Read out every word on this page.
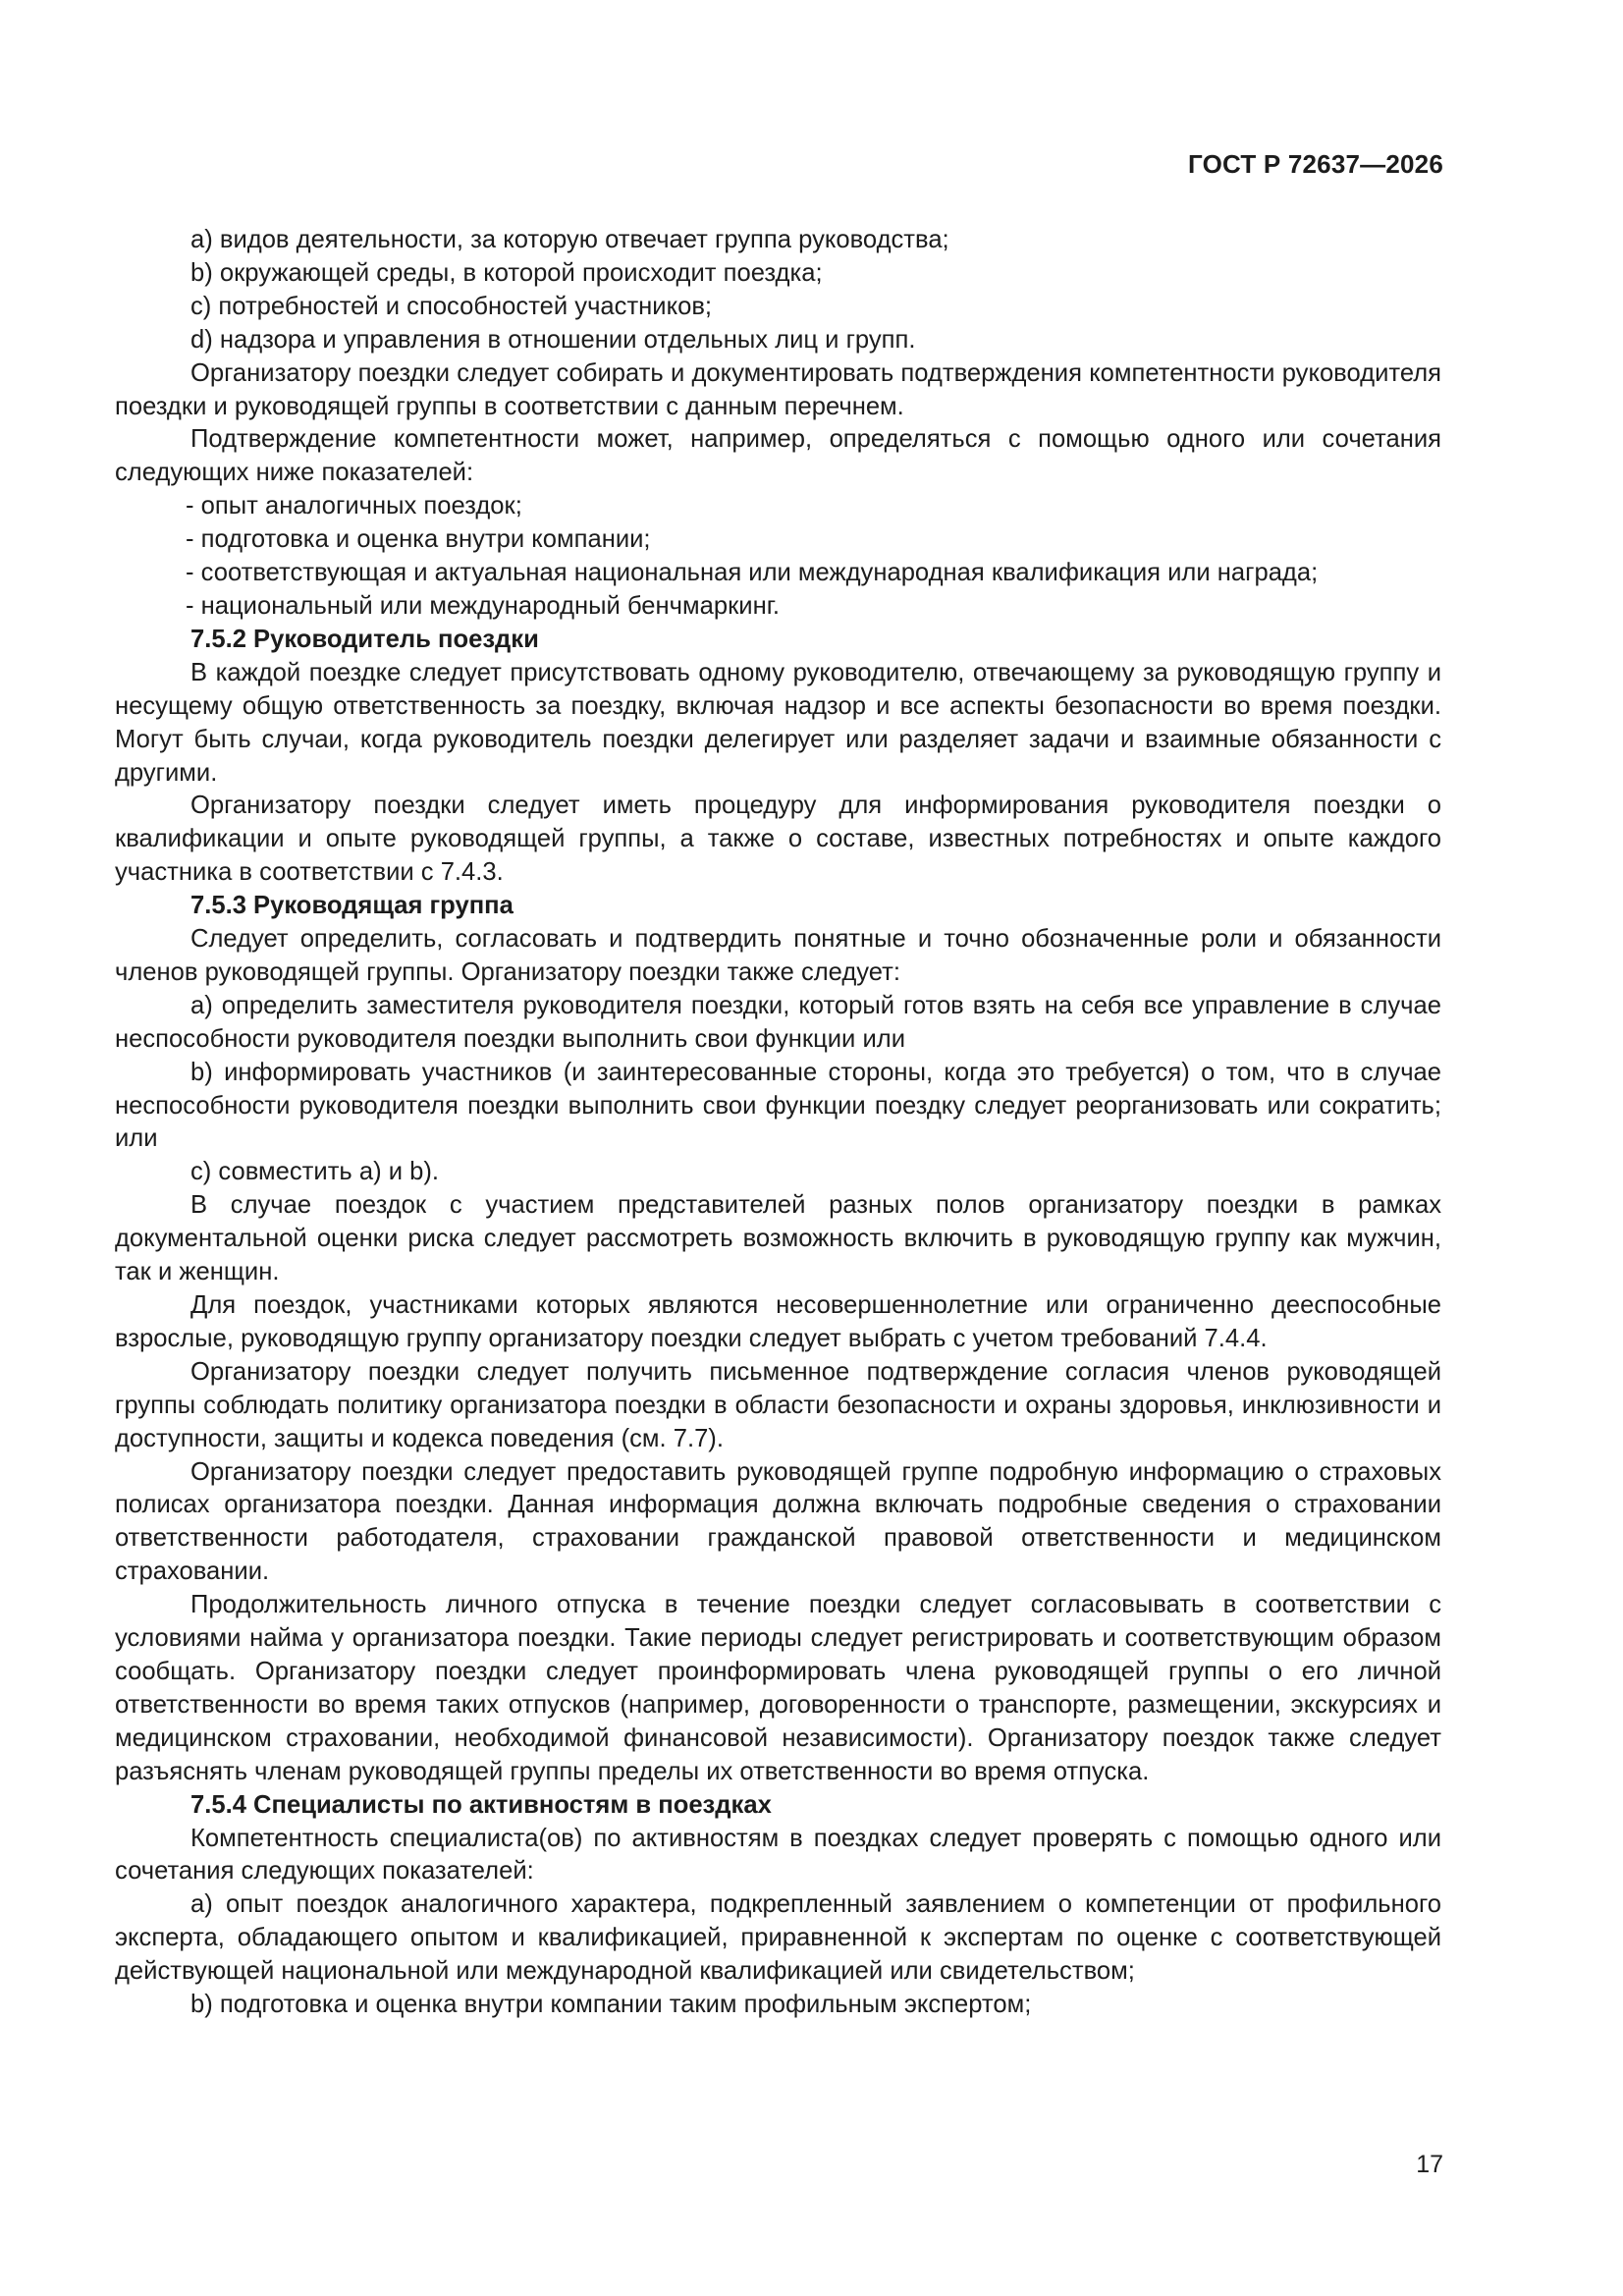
ГОСТ Р 72637—2026

a) видов деятельности, за которую отвечает группа руководства;

b) окружающей среды, в которой происходит поездка;

c) потребностей и способностей участников;

d) надзора и управления в отношении отдельных лиц и групп.

Организатору поездки следует собирать и документировать подтверждения компетентности руководителя поездки и руководящей группы в соответствии с данным перечнем.

Подтверждение компетентности может, например, определяться с помощью одного или сочетания следующих ниже показателей:

- опыт аналогичных поездок;

- подготовка и оценка внутри компании;

- соответствующая и актуальная национальная или международная квалификация или награда;

- национальный или международный бенчмаркинг.

7.5.2 Руководитель поездки

В каждой поездке следует присутствовать одному руководителю, отвечающему за руководящую группу и несущему общую ответственность за поездку, включая надзор и все аспекты безопасности во время поездки. Могут быть случаи, когда руководитель поездки делегирует или разделяет задачи и взаимные обязанности с другими.

Организатору поездки следует иметь процедуру для информирования руководителя поездки о квалификации и опыте руководящей группы, а также о составе, известных потребностях и опыте каждого участника в соответствии с 7.4.3.

7.5.3 Руководящая группа

Следует определить, согласовать и подтвердить понятные и точно обозначенные роли и обязанности членов руководящей группы. Организатору поездки также следует:

a) определить заместителя руководителя поездки, который готов взять на себя все управление в случае неспособности руководителя поездки выполнить свои функции или

b) информировать участников (и заинтересованные стороны, когда это требуется) о том, что в случае неспособности руководителя поездки выполнить свои функции поездку следует реорганизовать или сократить; или

c) совместить a) и b).

В случае поездок с участием представителей разных полов организатору поездки в рамках документальной оценки риска следует рассмотреть возможность включить в руководящую группу как мужчин, так и женщин.

Для поездок, участниками которых являются несовершеннолетние или ограниченно дееспособные взрослые, руководящую группу организатору поездки следует выбрать с учетом требований 7.4.4.

Организатору поездки следует получить письменное подтверждение согласия членов руководящей группы соблюдать политику организатора поездки в области безопасности и охраны здоровья, инклюзивности и доступности, защиты и кодекса поведения (см. 7.7).

Организатору поездки следует предоставить руководящей группе подробную информацию о страховых полисах организатора поездки. Данная информация должна включать подробные сведения о страховании ответственности работодателя, страховании гражданской правовой ответственности и медицинском страховании.

Продолжительность личного отпуска в течение поездки следует согласовывать в соответствии с условиями найма у организатора поездки. Такие периоды следует регистрировать и соответствующим образом сообщать. Организатору поездки следует проинформировать члена руководящей группы о его личной ответственности во время таких отпусков (например, договоренности о транспорте, размещении, экскурсиях и медицинском страховании, необходимой финансовой независимости). Организатору поездок также следует разъяснять членам руководящей группы пределы их ответственности во время отпуска.

7.5.4 Специалисты по активностям в поездках

Компетентность специалиста(ов) по активностям в поездках следует проверять с помощью одного или сочетания следующих показателей:

a) опыт поездок аналогичного характера, подкрепленный заявлением о компетенции от профильного эксперта, обладающего опытом и квалификацией, приравненной к экспертам по оценке с соответствующей действующей национальной или международной квалификацией или свидетельством;

b) подготовка и оценка внутри компании таким профильным экспертом;

17
